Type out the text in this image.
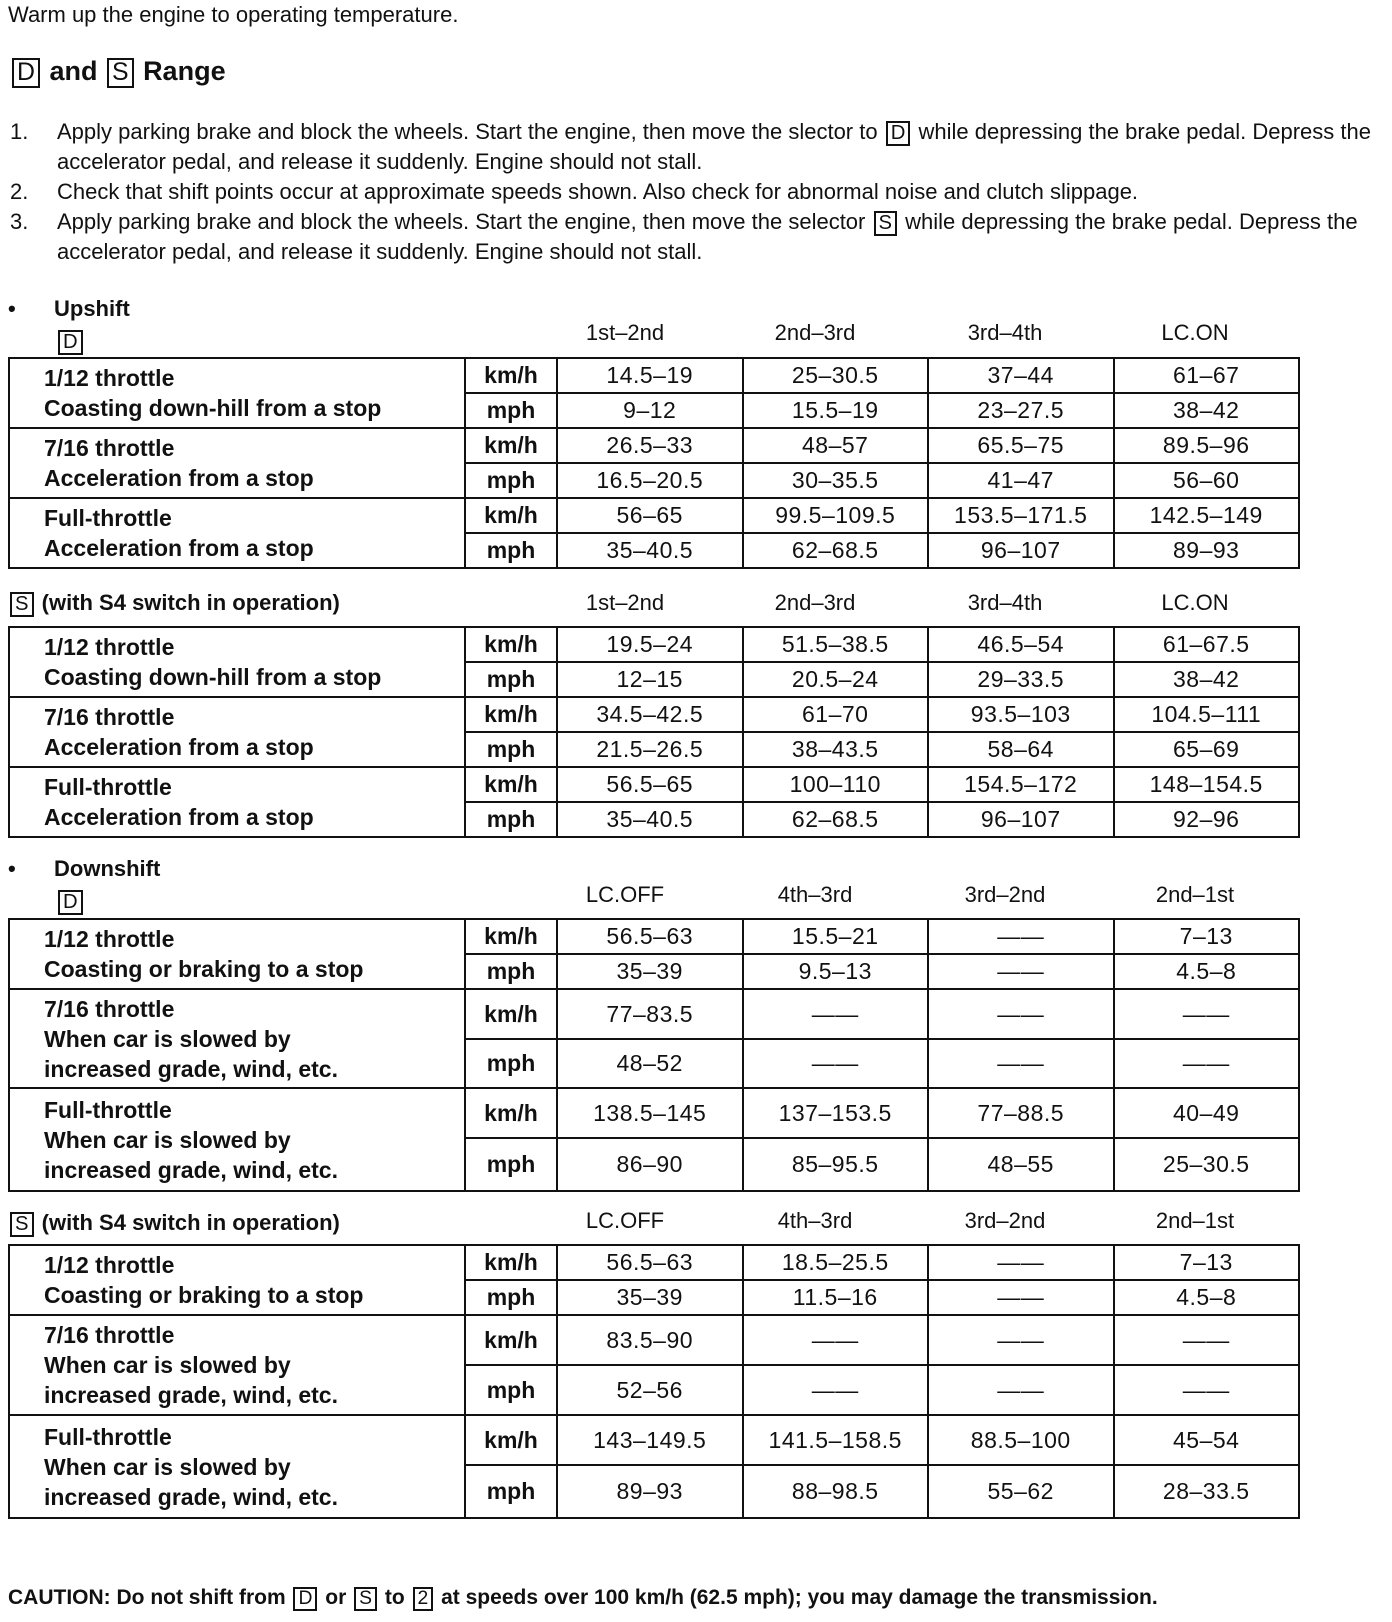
Warm up the engine to operating temperature.
D and S Range
1. Apply parking brake and block the wheels. Start the engine, then move the slector to D while depressing the brake pedal. Depress the accelerator pedal, and release it suddenly. Engine should not stall.
2. Check that shift points occur at approximate speeds shown. Also check for abnormal noise and clutch slippage.
3. Apply parking brake and block the wheels. Start the engine, then move the selector S while depressing the brake pedal. Depress the accelerator pedal, and release it suddenly. Engine should not stall.
• Upshift
D	1st–2nd	2nd–3rd	3rd–4th	LC.ON
1/12 throttle
Coasting down-hill from a stop	km/h	14.5–19	25–30.5	37–44	61–67
	mph	9–12	15.5–19	23–27.5	38–42

7/16 throttle
Acceleration from a stop	km/h	26.5–33	48–57	65.5–75	89.5–96
	mph	16.5–20.5	30–35.5	41–47	56–60

Full-throttle
Acceleration from a stop	km/h	56–65	99.5–109.5	153.5–171.5	142.5–149
	mph	35–40.5	62–68.5	96–107	89–93
S (with S4 switch in operation)	1st–2nd	2nd–3rd	3rd–4th	LC.ON
1/12 throttle
Coasting down-hill from a stop	km/h	19.5–24	51.5–38.5	46.5–54	61–67.5
	mph	12–15	20.5–24	29–33.5	38–42

7/16 throttle
Acceleration from a stop	km/h	34.5–42.5	61–70	93.5–103	104.5–111
	mph	21.5–26.5	38–43.5	58–64	65–69

Full-throttle
Acceleration from a stop	km/h	56.5–65	100–110	154.5–172	148–154.5
	mph	35–40.5	62–68.5	96–107	92–96
• Downshift
D	LC.OFF	4th–3rd	3rd–2nd	2nd–1st
1/12 throttle
Coasting or braking to a stop	km/h	56.5–63	15.5–21	——	7–13
	mph	35–39	9.5–13	——	4.5–8

7/16 throttle
When car is slowed by
increased grade, wind, etc.	km/h	77–83.5	——	——	——
	mph	48–52	——	——	——

Full-throttle
When car is slowed by
increased grade, wind, etc.	km/h	138.5–145	137–153.5	77–88.5	40–49
	mph	86–90	85–95.5	48–55	25–30.5
S (with S4 switch in operation)	LC.OFF	4th–3rd	3rd–2nd	2nd–1st
1/12 throttle
Coasting or braking to a stop	km/h	56.5–63	18.5–25.5	——	7–13
	mph	35–39	11.5–16	——	4.5–8

7/16 throttle
When car is slowed by
increased grade, wind, etc.	km/h	83.5–90	——	——	——
	mph	52–56	——	——	——

Full-throttle
When car is slowed by
increased grade, wind, etc.	km/h	143–149.5	141.5–158.5	88.5–100	45–54
	mph	89–93	88–98.5	55–62	28–33.5
CAUTION: Do not shift from D or S to 2 at speeds over 100 km/h (62.5 mph); you may damage the transmission.
